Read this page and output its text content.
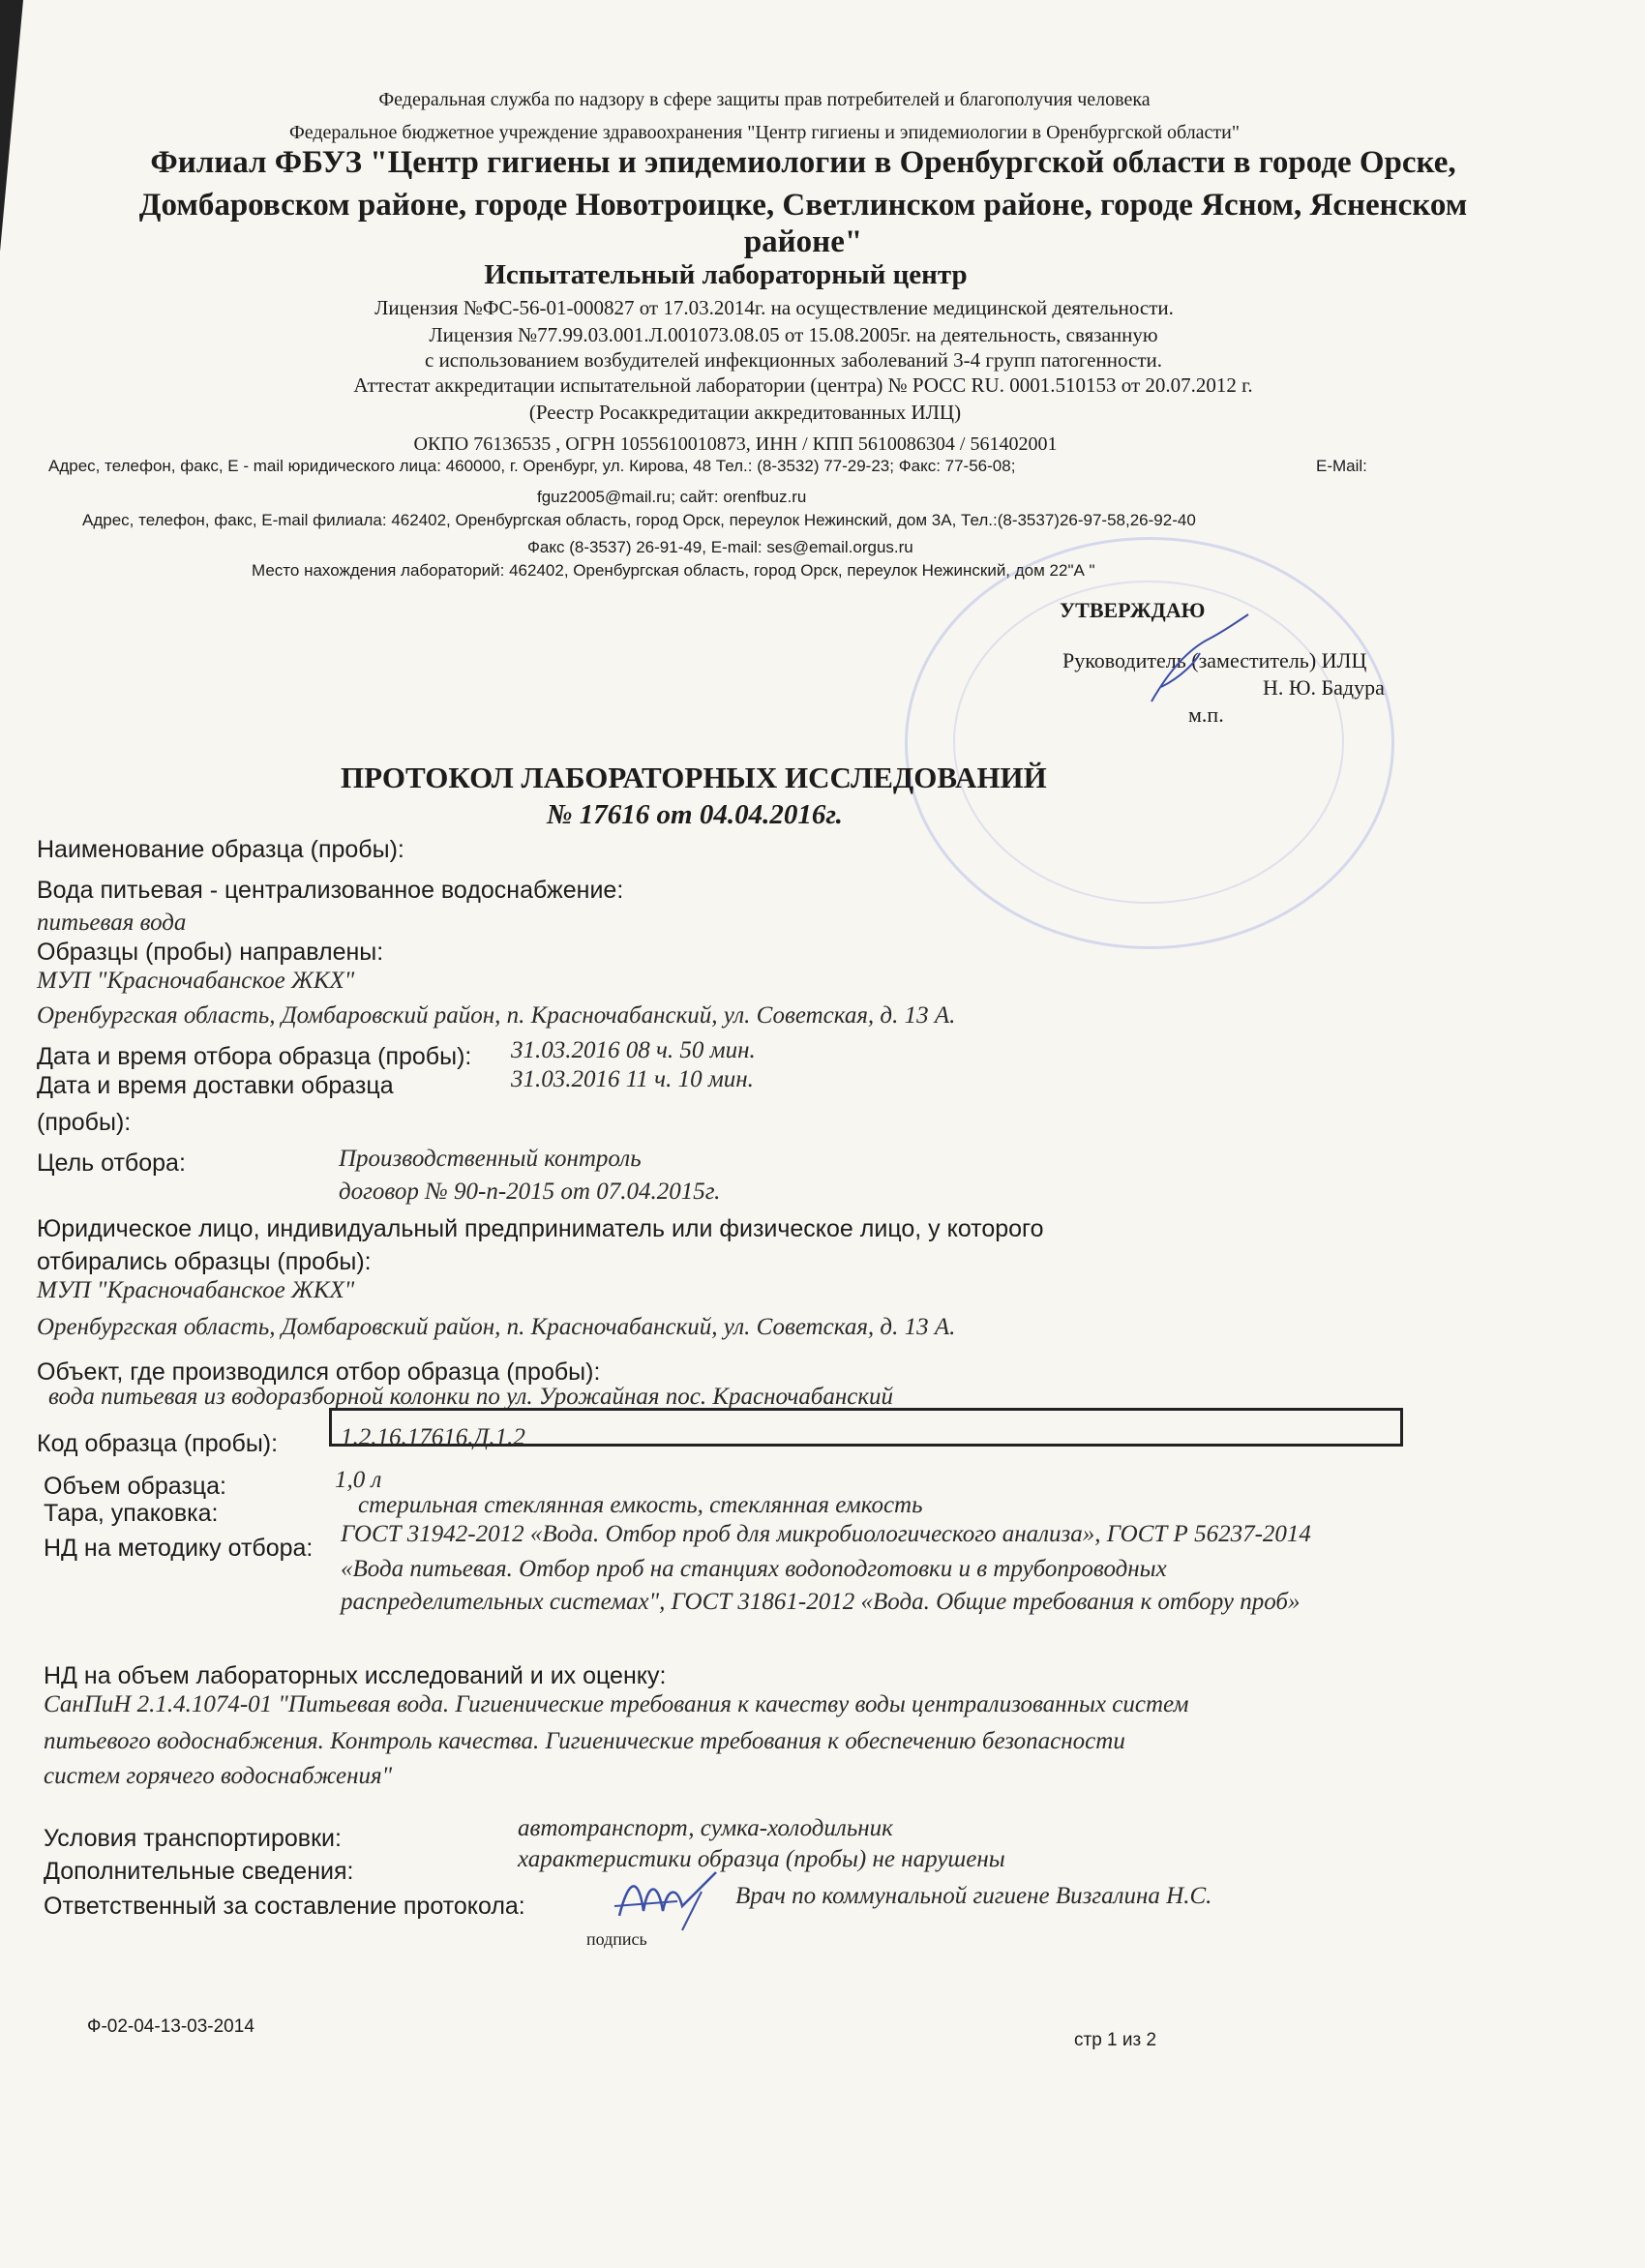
Федеральная служба по надзору в сфере защиты прав потребителей и благополучия человека
Федеральное бюджетное учреждение здравоохранения "Центр гигиены и эпидемиологии в Оренбургской области"
Филиал ФБУЗ "Центр гигиены и эпидемиологии в Оренбургской области в городе Орске,
Домбаровском районе, городе Новотроицке, Светлинском районе, городе Ясном, Ясненском
районе"
Испытательный лабораторный центр
Лицензия №ФС-56-01-000827 от 17.03.2014г. на осуществление медицинской деятельности.
Лицензия №77.99.03.001.Л.001073.08.05 от 15.08.2005г. на деятельность, связанную
с использованием возбудителей инфекционных заболеваний 3-4 групп патогенности.
Аттестат аккредитации испытательной лаборатории (центра) № РОСС RU. 0001.510153 от 20.07.2012 г.
(Реестр Росаккредитации аккредитованных ИЛЦ)
ОКПО 76136535 , ОГРН 1055610010873, ИНН / КПП 5610086304 / 561402001
Адрес, телефон, факс, E - mail юридического лица: 460000, г. Оренбург, ул. Кирова, 48 Тел.: (8-3532) 77-29-23; Факс: 77-56-08;	E-Mail:
fguz2005@mail.ru; сайт: orenfbuz.ru
Адрес, телефон, факс, E-mail филиала: 462402, Оренбургская область, город Орск, переулок Нежинский, дом 3А, Тел.:(8-3537)26-97-58,26-92-40
Факс (8-3537) 26-91-49, E-mail: ses@email.orgus.ru
Место нахождения лабораторий: 462402, Оренбургская область, город Орск, переулок Нежинский, дом 22"А "
УТВЕРЖДАЮ
Руководитель (заместитель) ИЛЦ
Н. Ю. Бадура
м.п.
ПРОТОКОЛ ЛАБОРАТОРНЫХ ИССЛЕДОВАНИЙ
№ 17616 от 04.04.2016г.
Наименование образца (пробы):
Вода питьевая - централизованное водоснабжение:
питьевая вода
Образцы (пробы) направлены:
МУП "Красночабанское ЖКХ"
Оренбургская область, Домбаровский район, п. Красночабанский, ул. Советская, д. 13 А.
Дата и время отбора образца (пробы): 31.03.2016 08 ч. 50 мин.
Дата и время доставки образца	31.03.2016 11 ч. 10 мин.
(пробы):
Цель отбора:	Производственный контроль
договор № 90-п-2015 от 07.04.2015г.
Юридическое лицо, индивидуальный предприниматель или физическое лицо, у которого
отбирались образцы (пробы):
МУП "Красночабанское ЖКХ"
Оренбургская область, Домбаровский район, п. Красночабанский, ул. Советская, д. 13 А.
Объект, где производился отбор образца (пробы):
вода питьевая из водоразборной колонки по ул. Урожайная пос. Красночабанский
Код образца (пробы):	1.2.16.17616.Д.1.2
Объем образца:	1,0 л
Тара, упаковка:	стерильная стеклянная емкость, стеклянная емкость
НД на методику отбора:
ГОСТ 31942-2012 «Вода. Отбор проб для микробиологического анализа», ГОСТ Р 56237-2014
«Вода питьевая. Отбор проб на станциях водоподготовки и в трубопроводных
распределительных системах", ГОСТ 31861-2012 «Вода. Общие требования к отбору проб»
НД на объем лабораторных исследований и их оценку:
СанПиН 2.1.4.1074-01 "Питьевая вода. Гигиенические требования к качеству воды централизованных систем
питьевого водоснабжения. Контроль качества. Гигиенические требования к обеспечению безопасности
систем горячего водоснабжения"
Условия транспортировки:	автотранспорт, сумка-холодильник
Дополнительные сведения:	характеристики образца (пробы) не нарушены
Ответственный за составление протокола:	Врач по коммунальной гигиене Визгалина Н.С.
подпись
Ф-02-04-13-03-2014
стр 1 из 2
